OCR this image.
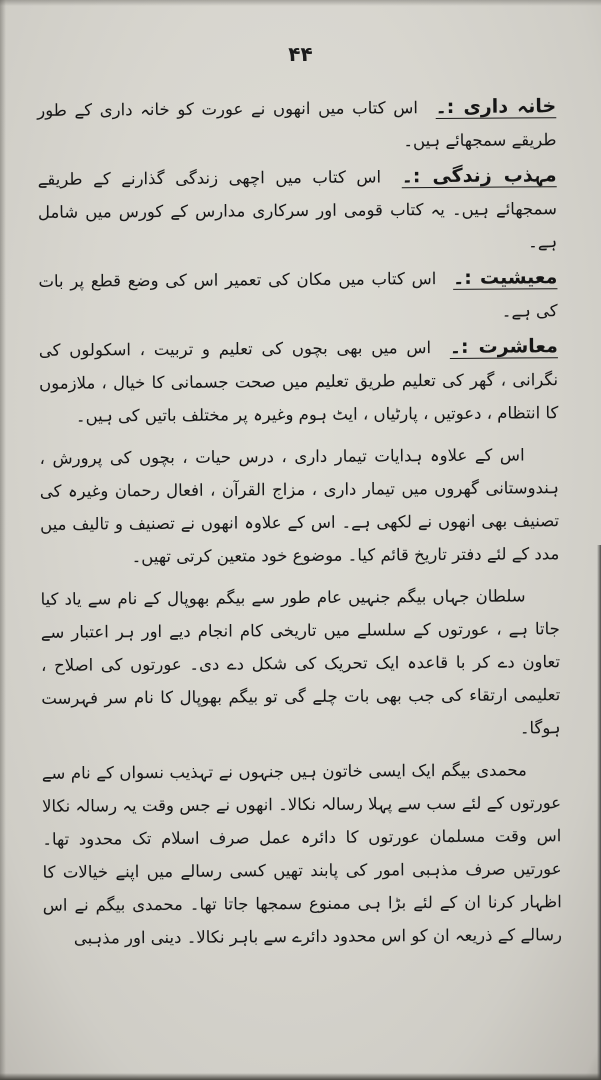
۴۴
خانہ داری :۔ اس کتاب میں انھوں نے عورت کو خانہ داری کے طور طریقے سمجھائے ہیں۔
مہذب زندگی :۔ اس کتاب میں اچھی زندگی گذارنے کے طریقے سمجھائے ہیں۔ یہ کتاب قومی اور سرکاری مدارس کے کورس میں شامل ہے۔
معیشیت :۔ اس کتاب میں مکان کی تعمیر اس کی وضع قطع پر بات کی ہے۔
معاشرت :۔ اس میں بھی بچوں کی تعلیم و تربیت ، اسکولوں کی نگرانی ، گھر کی تعلیم طریق تعلیم میں صحت جسمانی کا خیال ، ملازموں کا انتظام ، دعوتیں ، پارٹیاں ، ایٹ ہوم وغیرہ پر مختلف باتیں کی ہیں۔
اس کے علاوہ ہدایات تیمار داری ، درس حیات ، بچوں کی پرورش ، ہندوستانی گھروں میں تیمار داری ، مزاج القرآن ، افعال رحمان وغیرہ کی تصنیف بھی انھوں نے لکھی ہے۔ اس کے علاوہ انھوں نے تصنیف و تالیف میں مدد کے لئے دفتر تاریخ قائم کیا۔ موضوع خود متعین کرتی تھیں۔
سلطان جہاں بیگم جنہیں عام طور سے بیگم بھوپال کے نام سے یاد کیا جاتا ہے ، عورتوں کے سلسلے میں تاریخی کام انجام دیے اور ہر اعتبار سے تعاون دے کر با قاعدہ ایک تحریک کی شکل دے دی۔ عورتوں کی اصلاح ، تعلیمی ارتقاء کی جب بھی بات چلے گی تو بیگم بھوپال کا نام سر فہرست ہوگا۔
محمدی بیگم ایک ایسی خاتون ہیں جنہوں نے تہذیب نسواں کے نام سے عورتوں کے لئے سب سے پہلا رسالہ نکالا۔ انھوں نے جس وقت یہ رسالہ نکالا اس وقت مسلمان عورتوں کا دائرہ عمل صرف اسلام تک محدود تھا۔ عورتیں صرف مذہبی امور کی پابند تھیں کسی رسالے میں اپنے خیالات کا اظہار کرنا ان کے لئے بڑا ہی ممنوع سمجھا جاتا تھا۔ محمدی بیگم نے اس رسالے کے ذریعہ ان کو اس محدود دائرے سے باہر نکالا۔ دینی اور مذہبی
